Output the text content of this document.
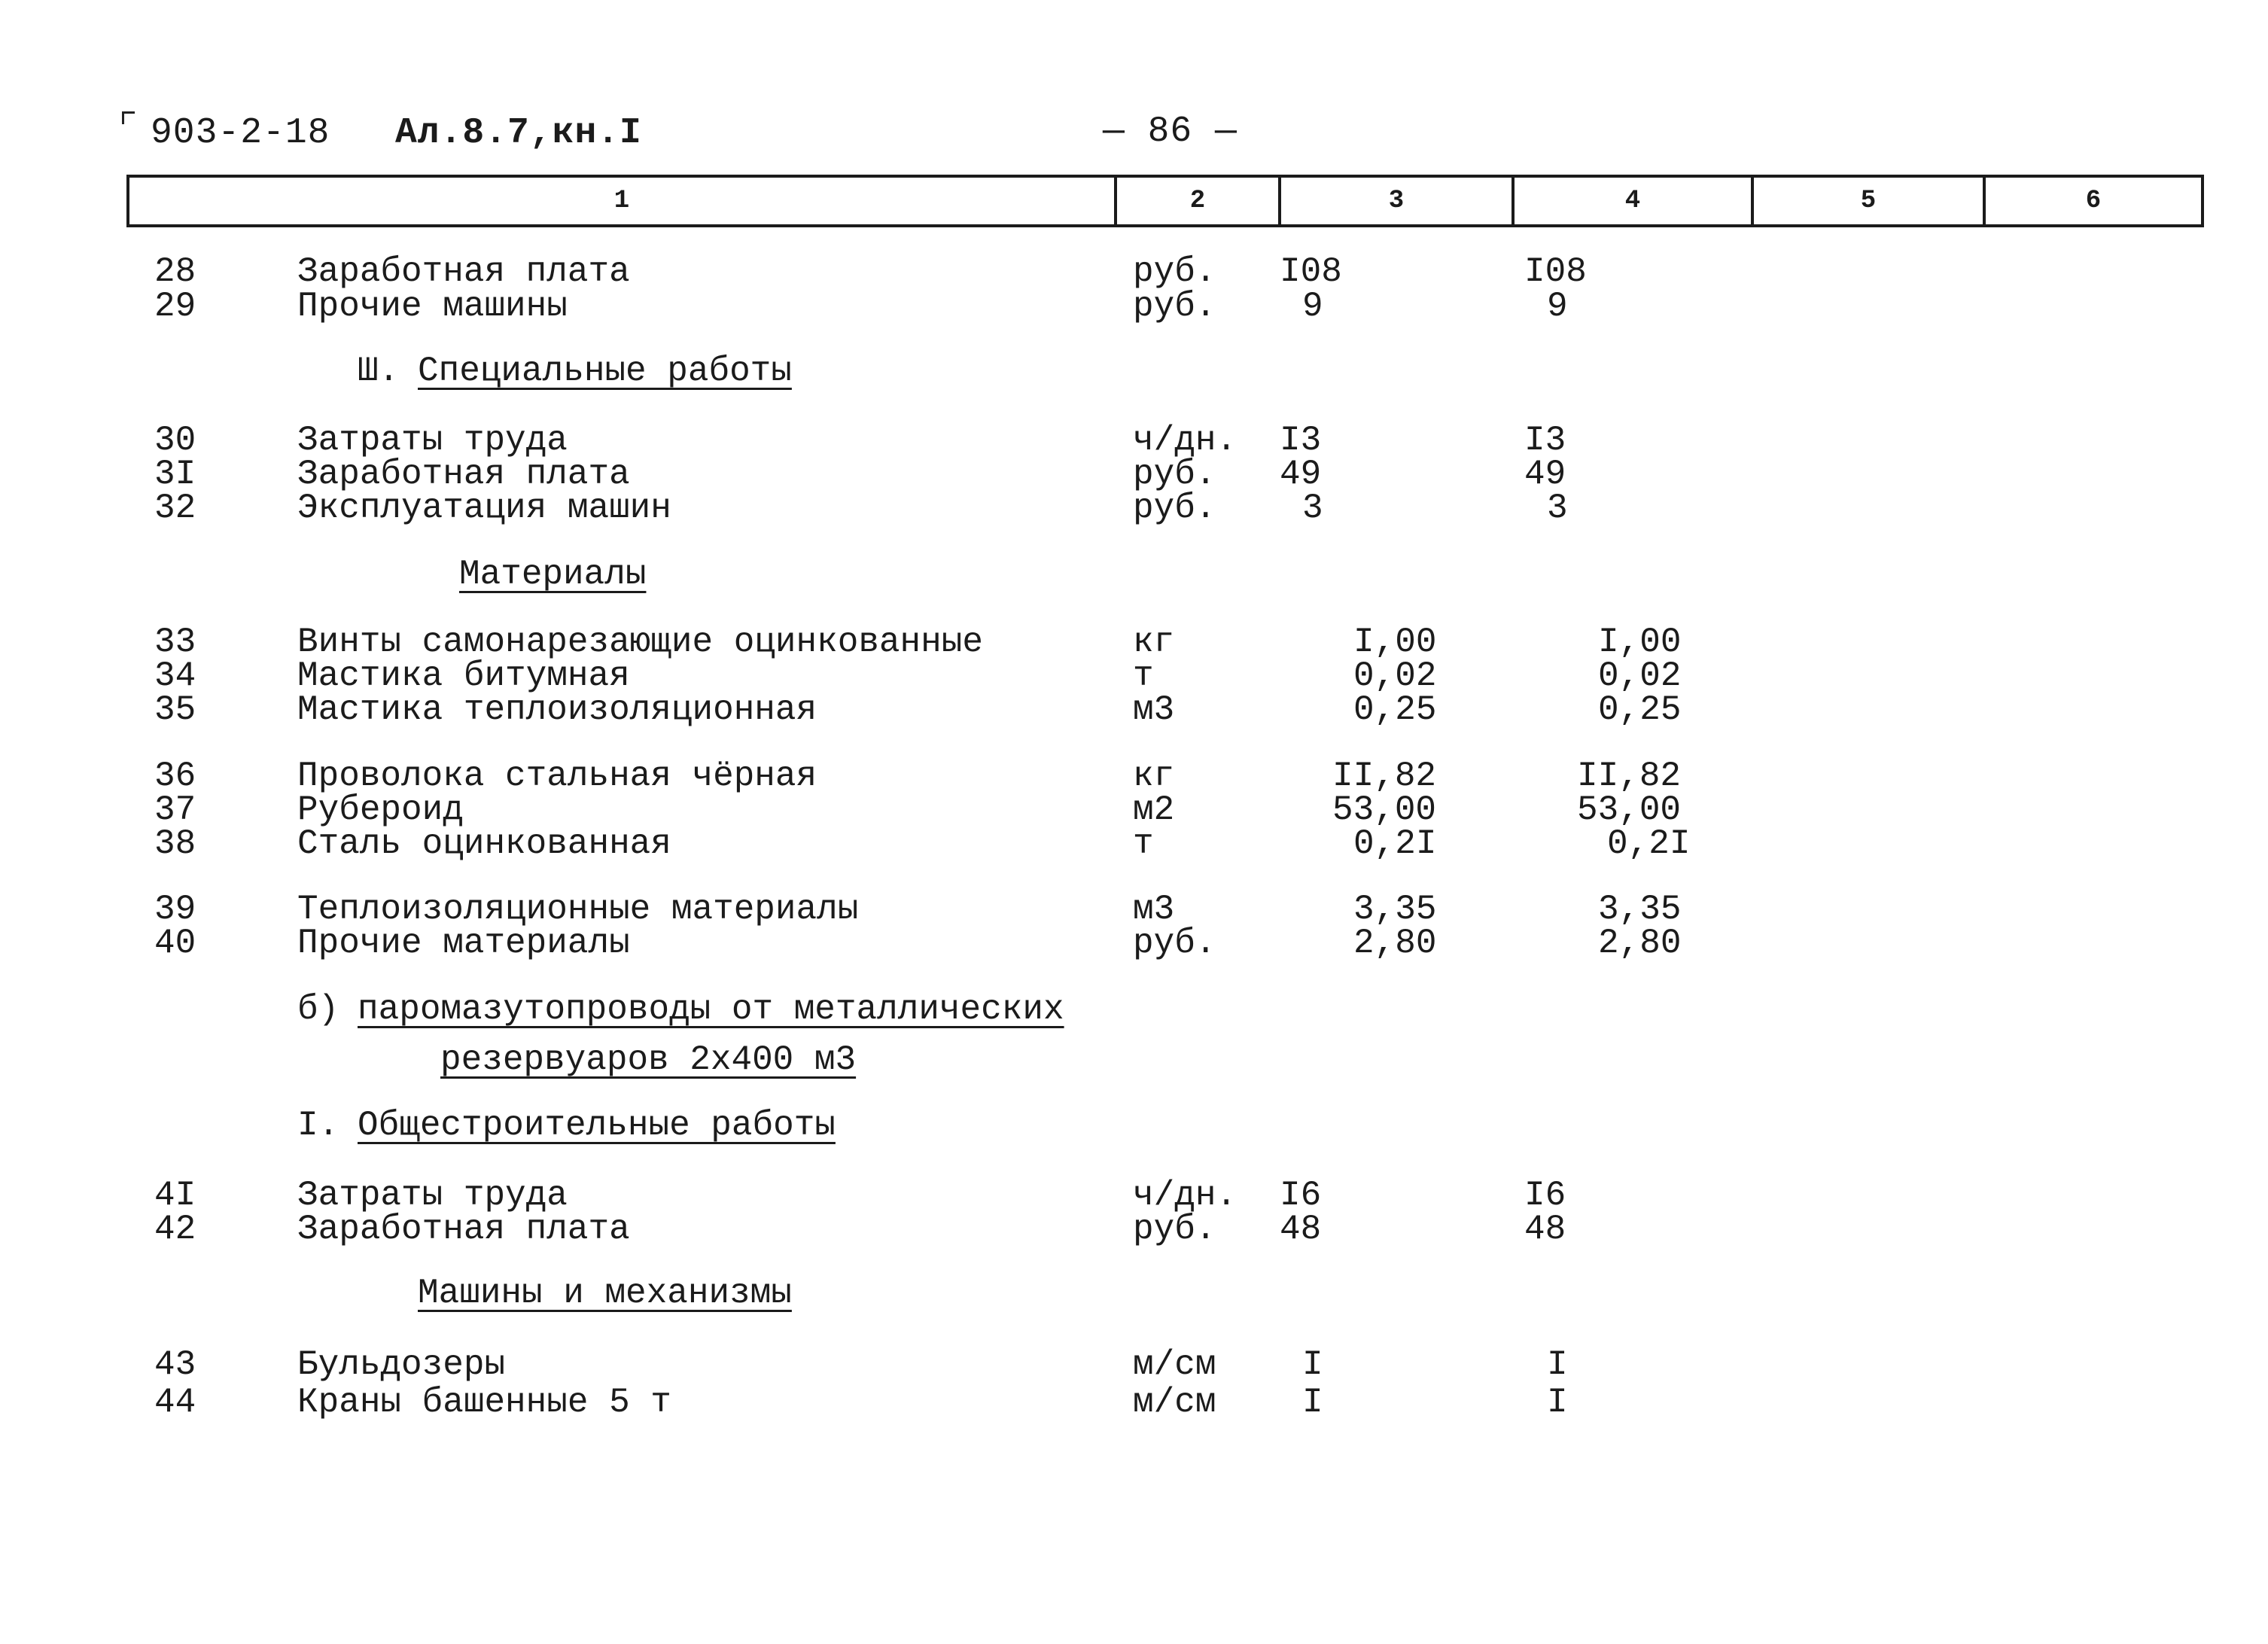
903-2-18 Ал.8.7,кн.I	— 86 —
1	2	3	4	5	6
28	Заработная плата	руб. I08	I08
29	Прочие машины	руб.	9	9
Ш. Специальные работы
30	Затраты труда	ч/дн. I3	I3
3I	Заработная плата	руб. 49	49
32	Эксплуатация машин	руб.	3	3
Материалы
33	Винты самонарезающие оцинкованные	кг	I,00	I,00
34	Мастика битумная	т	0,02	0,02
35	Мастика теплоизоляционная	м3	0,25	0,25
36	Проволока стальная чёрная	кг	II,82	II,82
37	Рубероид	м2	53,00	53,00
38	Сталь оцинкованная	т	0,2I	0,2I
39	Теплоизоляционные материалы	м3	3,35	3,35
40	Прочие материалы	руб.	2,80	2,80
б) паромазутопроводы от металлических
резервуаров 2х400 м3
I. Общестроительные работы
4I	Затраты труда	ч/дн. I6	I6
42	Заработная плата	руб. 48	48
Машины и механизмы
43	Бульдозеры	м/см	I	I
44	Краны башенные 5 т	м/см	I	I
